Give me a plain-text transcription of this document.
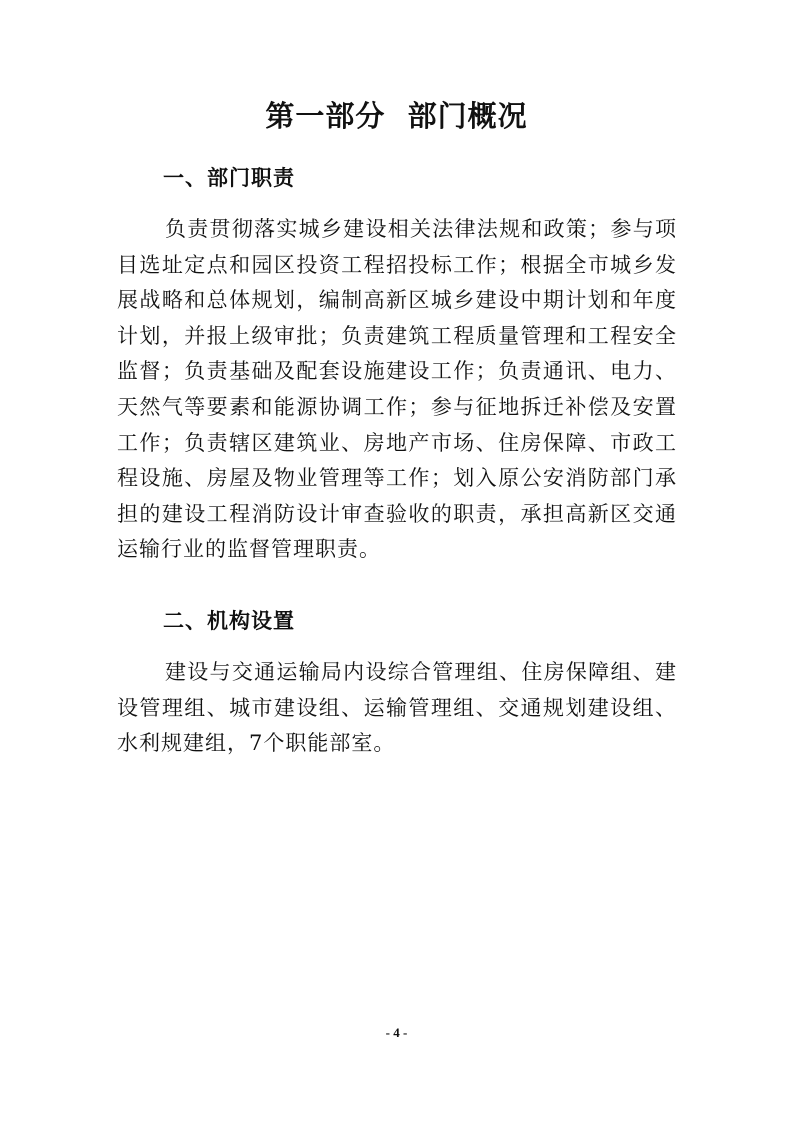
第一部分  部门概况
一、部门职责

负责贯彻落实城乡建设相关法律法规和政策；参与项目选址定点和园区投资工程招投标工作；根据全市城乡发展战略和总体规划，编制高新区城乡建设中期计划和年度计划，并报上级审批；负责建筑工程质量管理和工程安全监督；负责基础及配套设施建设工作；负责通讯、电力、天然气等要素和能源协调工作；参与征地拆迁补偿及安置工作；负责辖区建筑业、房地产市场、住房保障、市政工程设施、房屋及物业管理等工作；划入原公安消防部门承担的建设工程消防设计审查验收的职责，承担高新区交通运输行业的监督管理职责。

二、机构设置

建设与交通运输局内设综合管理组、住房保障组、建设管理组、城市建设组、运输管理组、交通规划建设组、水利规建组，7个职能部室。

- 4 -
